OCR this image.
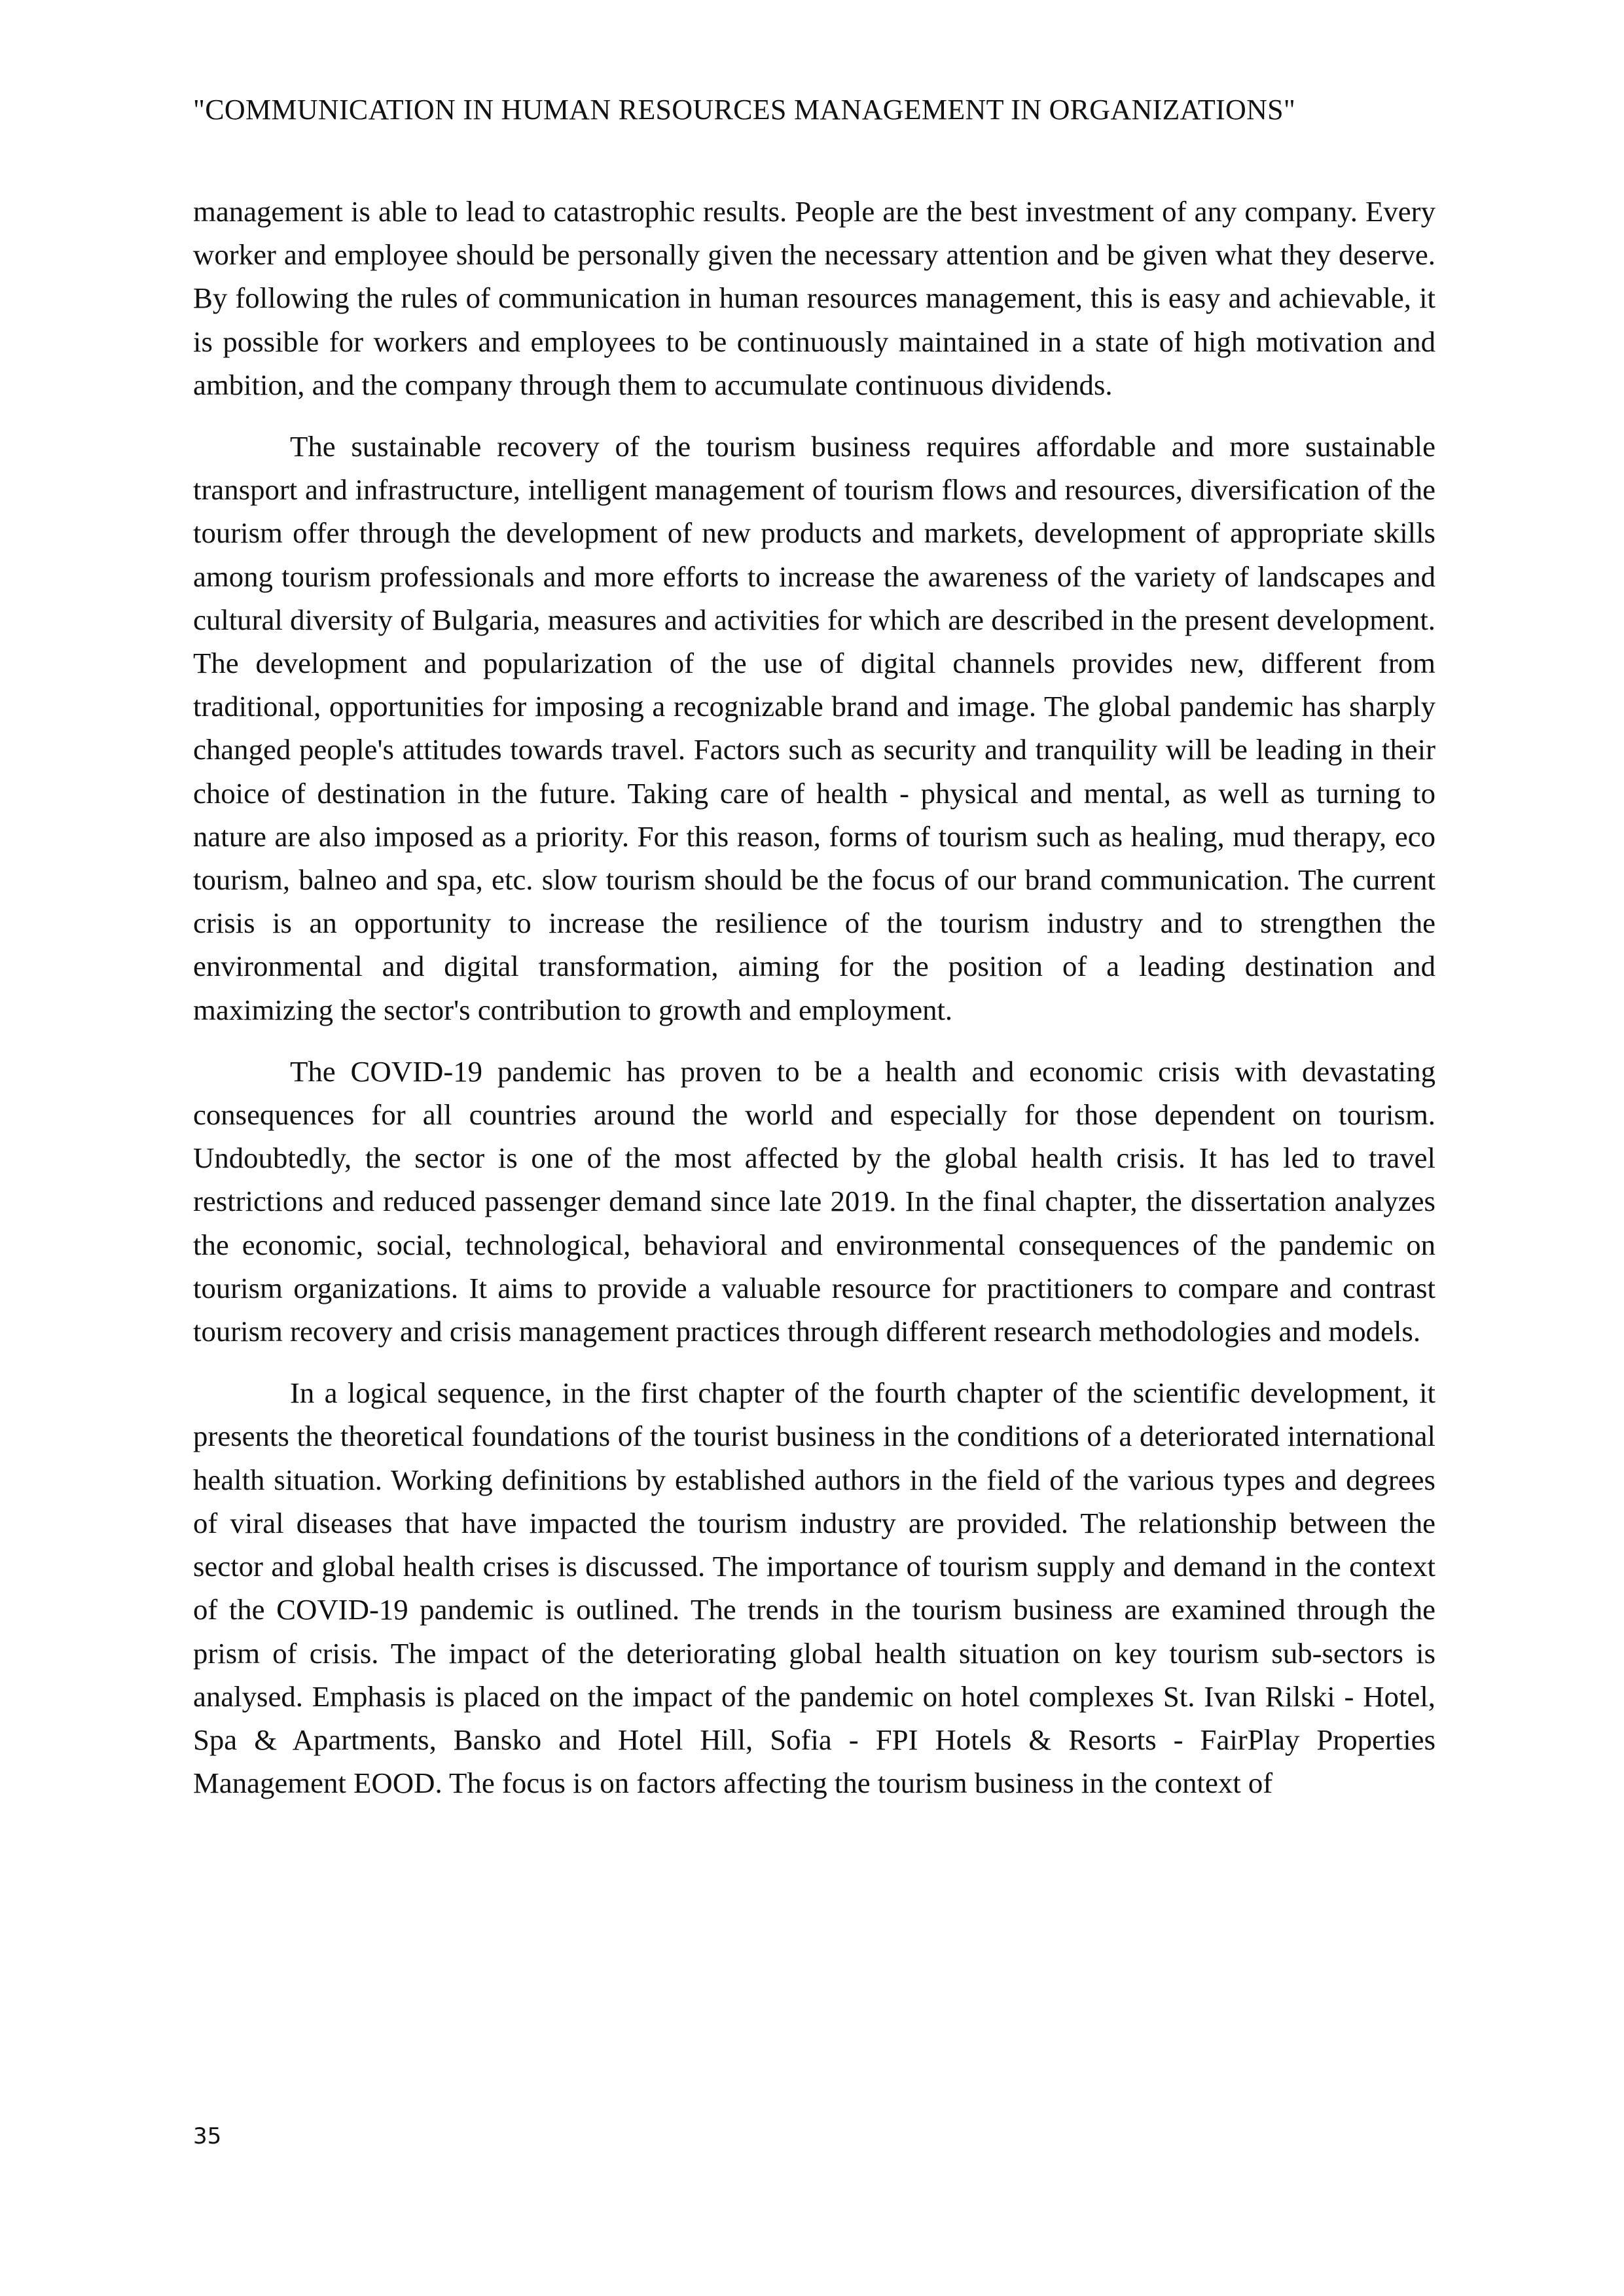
"COMMUNICATION IN HUMAN RESOURCES MANAGEMENT IN ORGANIZATIONS"

management is able to lead to catastrophic results. People are the best investment of any company. Every worker and employee should be personally given the necessary attention and be given what they deserve. By following the rules of communication in human resources management, this is easy and achievable, it is possible for workers and employees to be continuously maintained in a state of high motivation and ambition, and the company through them to accumulate continuous dividends.

The sustainable recovery of the tourism business requires affordable and more sustainable transport and infrastructure, intelligent management of tourism flows and resources, diversification of the tourism offer through the development of new products and markets, development of appropriate skills among tourism professionals and more efforts to increase the awareness of the variety of landscapes and cultural diversity of Bulgaria, measures and activities for which are described in the present development. The development and popularization of the use of digital channels provides new, different from traditional, opportunities for imposing a recognizable brand and image. The global pandemic has sharply changed people's attitudes towards travel. Factors such as security and tranquility will be leading in their choice of destination in the future. Taking care of health - physical and mental, as well as turning to nature are also imposed as a priority. For this reason, forms of tourism such as healing, mud therapy, eco tourism, balneo and spa, etc. slow tourism should be the focus of our brand communication. The current crisis is an opportunity to increase the resilience of the tourism industry and to strengthen the environmental and digital transformation, aiming for the position of a leading destination and maximizing the sector's contribution to growth and employment.

The COVID-19 pandemic has proven to be a health and economic crisis with devastating consequences for all countries around the world and especially for those dependent on tourism. Undoubtedly, the sector is one of the most affected by the global health crisis. It has led to travel restrictions and reduced passenger demand since late 2019. In the final chapter, the dissertation analyzes the economic, social, technological, behavioral and environmental consequences of the pandemic on tourism organizations. It aims to provide a valuable resource for practitioners to compare and contrast tourism recovery and crisis management practices through different research methodologies and models.

In a logical sequence, in the first chapter of the fourth chapter of the scientific development, it presents the theoretical foundations of the tourist business in the conditions of a deteriorated international health situation. Working definitions by established authors in the field of the various types and degrees of viral diseases that have impacted the tourism industry are provided. The relationship between the sector and global health crises is discussed. The importance of tourism supply and demand in the context of the COVID-19 pandemic is outlined. The trends in the tourism business are examined through the prism of crisis. The impact of the deteriorating global health situation on key tourism sub-sectors is analysed. Emphasis is placed on the impact of the pandemic on hotel complexes St. Ivan Rilski - Hotel, Spa & Apartments, Bansko and Hotel Hill, Sofia - FPI Hotels & Resorts - FairPlay Properties Management EOOD. The focus is on factors affecting the tourism business in the context of

35
